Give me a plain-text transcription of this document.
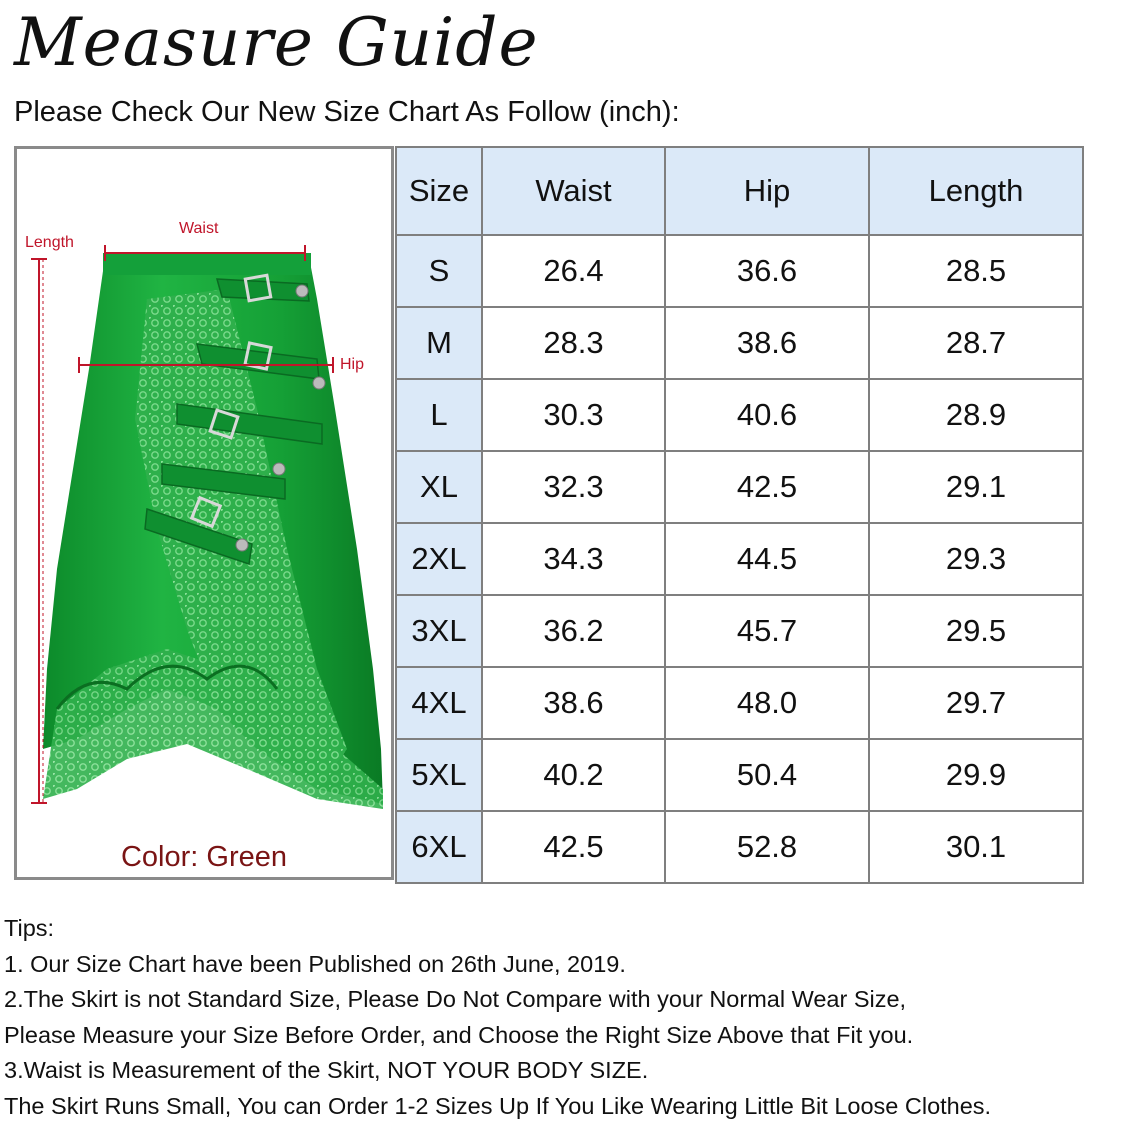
Measure Guide
Please Check Our New Size Chart As Follow (inch):
Length
Waist
Hip
Color: Green
Size	Waist	Hip	Length
S	26.4	36.6	28.5
M	28.3	38.6	28.7
L	30.3	40.6	28.9
XL	32.3	42.5	29.1
2XL	34.3	44.5	29.3
3XL	36.2	45.7	29.5
4XL	38.6	48.0	29.7
5XL	40.2	50.4	29.9
6XL	42.5	52.8	30.1
Tips:
1. Our Size Chart have been Published on 26th June, 2019.
2.The Skirt is not Standard Size, Please Do Not Compare with your Normal Wear Size,
Please Measure your Size Before Order, and Choose the Right Size Above that Fit you.
3.Waist is Measurement of the Skirt, NOT YOUR BODY SIZE.
The Skirt Runs Small, You can Order 1-2 Sizes Up If You Like Wearing Little Bit Loose Clothes.
